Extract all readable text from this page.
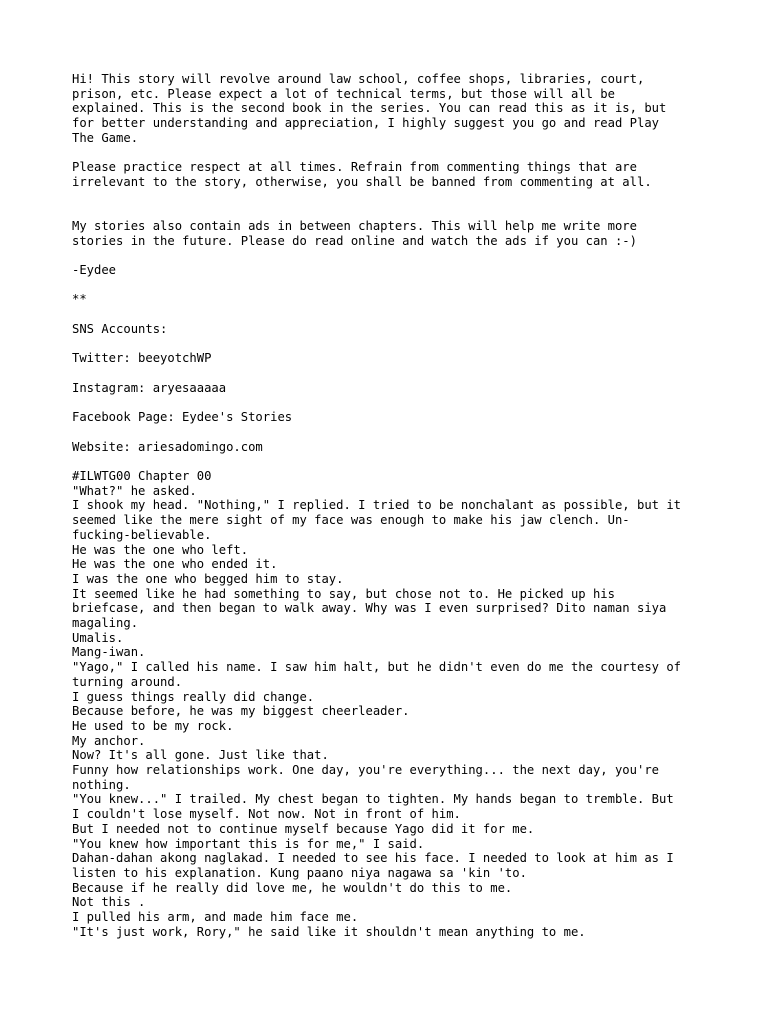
Hi! This story will revolve around law school, coffee shops, libraries, court,
prison, etc. Please expect a lot of technical terms, but those will all be
explained. This is the second book in the series. You can read this as it is, but
for better understanding and appreciation, I highly suggest you go and read Play
The Game.
Please practice respect at all times. Refrain from commenting things that are
irrelevant to the story, otherwise, you shall be banned from commenting at all.
My stories also contain ads in between chapters. This will help me write more
stories in the future. Please do read online and watch the ads if you can :-)
-Eydee
**
SNS Accounts:
Twitter: beeyotchWP
Instagram: aryesaaaaa
Facebook Page: Eydee's Stories
Website: ariesadomingo.com
#ILWTG00 Chapter 00
"What?" he asked.
I shook my head. "Nothing," I replied. I tried to be nonchalant as possible, but it
seemed like the mere sight of my face was enough to make his jaw clench. Un-
fucking-believable.
He was the one who left.
He was the one who ended it.
I was the one who begged him to stay.
It seemed like he had something to say, but chose not to. He picked up his
briefcase, and then began to walk away. Why was I even surprised? Dito naman siya
magaling.
Umalis.
Mang-iwan.
"Yago," I called his name. I saw him halt, but he didn't even do me the courtesy of
turning around.
I guess things really did change.
Because before, he was my biggest cheerleader.
He used to be my rock.
My anchor.
Now? It's all gone. Just like that.
Funny how relationships work. One day, you're everything... the next day, you're
nothing.
"You knew..." I trailed. My chest began to tighten. My hands began to tremble. But
I couldn't lose myself. Not now. Not in front of him.
But I needed not to continue myself because Yago did it for me.
"You knew how important this is for me," I said.
Dahan-dahan akong naglakad. I needed to see his face. I needed to look at him as I
listen to his explanation. Kung paano niya nagawa sa 'kin 'to.
Because if he really did love me, he wouldn't do this to me.
Not this .
I pulled his arm, and made him face me.
"It's just work, Rory," he said like it shouldn't mean anything to me.
